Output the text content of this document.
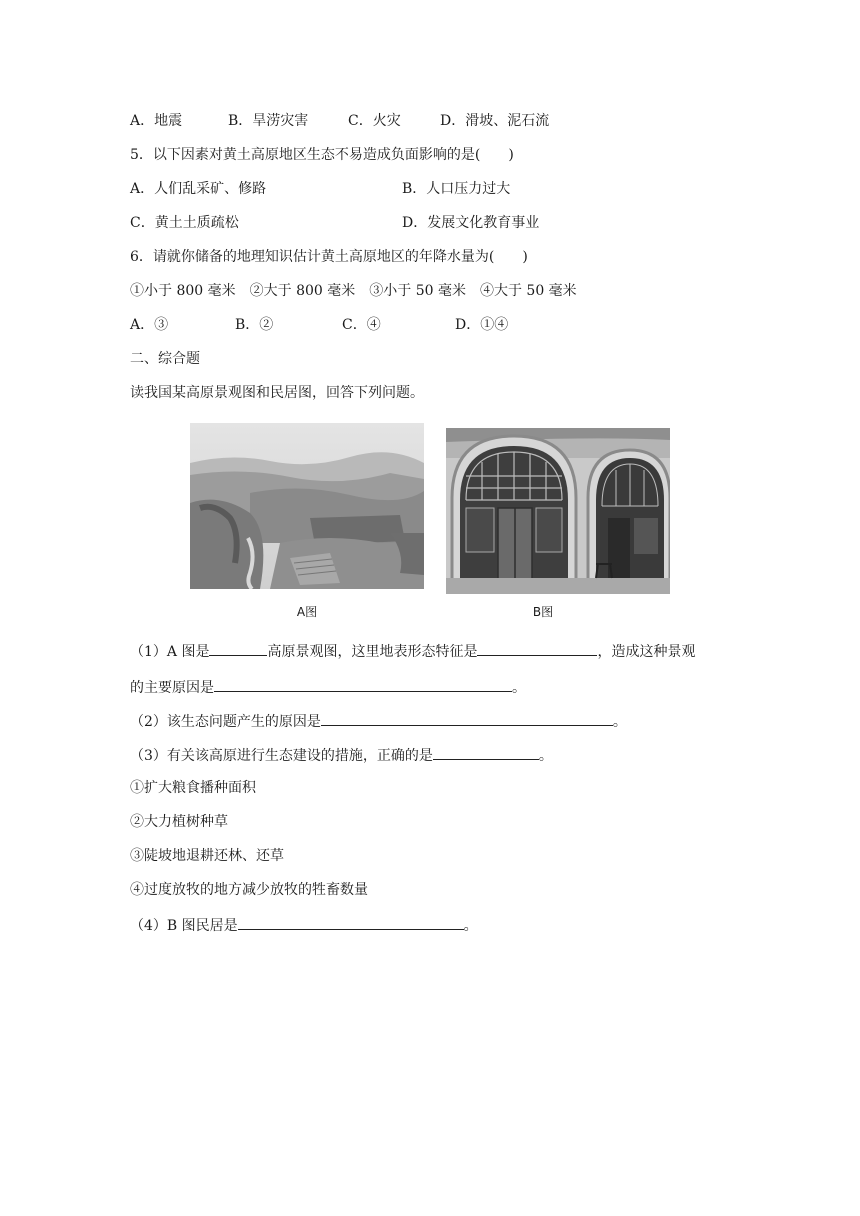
A．地震	B．旱涝灾害	C．火灾	D．滑坡、泥石流
5．以下因素对黄土高原地区生态不易造成负面影响的是(　　)
A．人们乱采矿、修路	B．人口压力过大
C．黄土土质疏松	D．发展文化教育事业
6．请就你储备的地理知识估计黄土高原地区的年降水量为(　　)
①小于 800 毫米　②大于 800 毫米　③小于 50 毫米　④大于 50 毫米
A．③	B．②	C．④	D．①④
二、综合题
读我国某高原景观图和民居图，回答下列问题。
A图	B图
（1）A 图是	高原景观图，这里地表形态特征是	，造成这种景观
的主要原因是	。
（2）该生态问题产生的原因是	。
（3）有关该高原进行生态建设的措施，正确的是	。
①扩大粮食播种面积
②大力植树种草
③陡坡地退耕还林、还草
④过度放牧的地方减少放牧的牲畜数量
（4）B 图民居是	。
